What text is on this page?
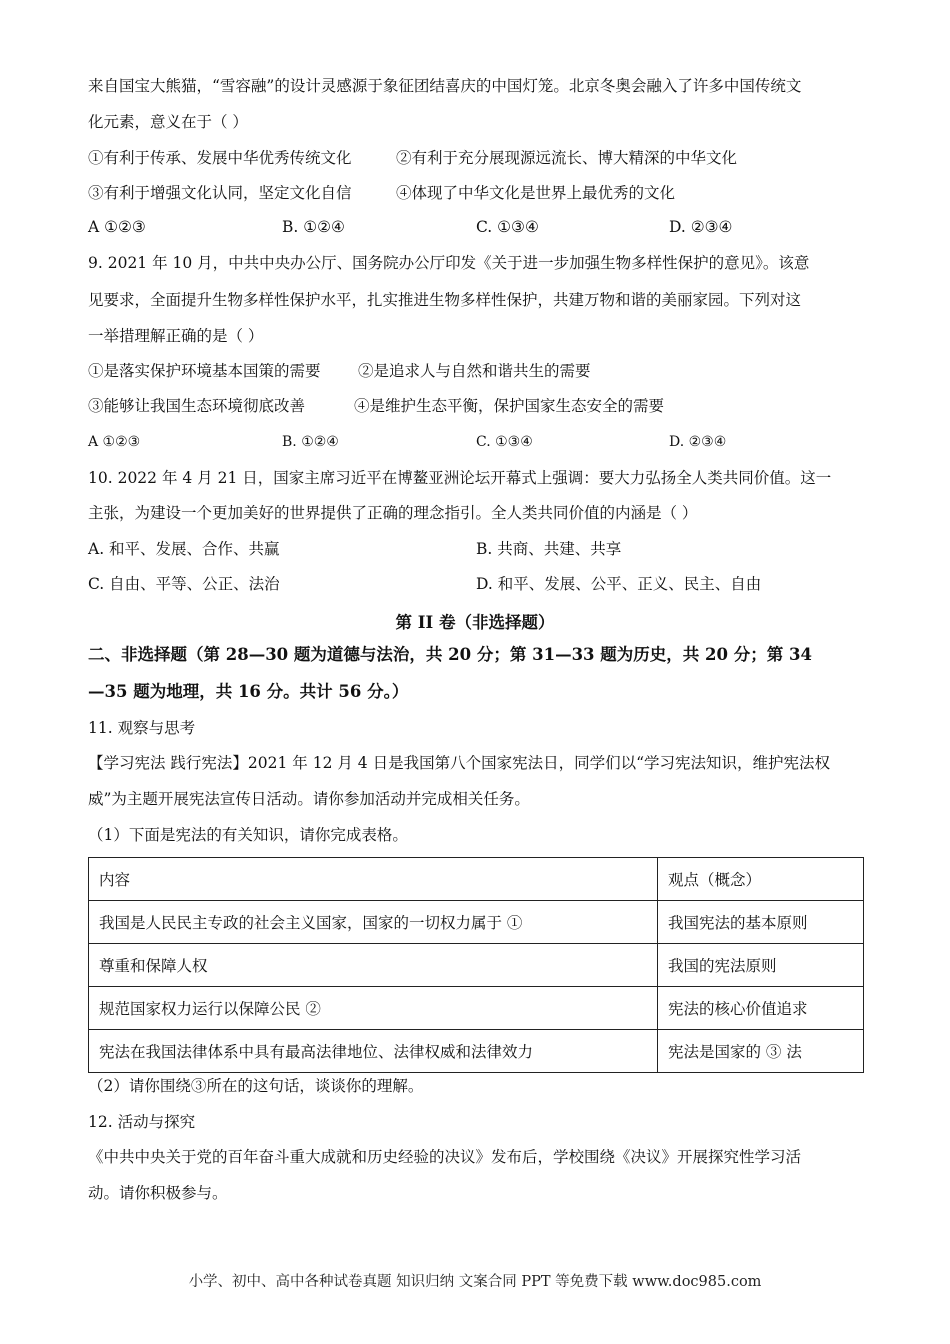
来自国宝大熊猫，“雪容融”的设计灵感源于象征团结喜庆的中国灯笼。北京冬奥会融入了许多中国传统文
化元素，意义在于（ ）
①有利于传承、发展中华优秀传统文化	②有利于充分展现源远流长、博大精深的中华文化
③有利于增强文化认同，坚定文化自信	④体现了中华文化是世界上最优秀的文化
A ①②③	B. ①②④	C. ①③④	D. ②③④
9. 2021 年 10 月，中共中央办公厅、国务院办公厅印发《关于进一步加强生物多样性保护的意见》。该意
见要求，全面提升生物多样性保护水平，扎实推进生物多样性保护，共建万物和谐的美丽家园。下列对这
一举措理解正确的是（ ）
①是落实保护环境基本国策的需要 ②是追求人与自然和谐共生的需要
③能够让我国生态环境彻底改善	④是维护生态平衡，保护国家生态安全的需要
A ①②③	B. ①②④	C. ①③④	D. ②③④
10. 2022 年 4 月 21 日，国家主席习近平在博鳌亚洲论坛开幕式上强调：要大力弘扬全人类共同价值。这一
主张，为建设一个更加美好的世界提供了正确的理念指引。全人类共同价值的内涵是（ ）
A. 和平、发展、合作、共赢	B. 共商、共建、共享
C. 自由、平等、公正、法治	D. 和平、发展、公平、正义、民主、自由
第 II 卷（非选择题）
二、非选择题（第 28—30 题为道德与法治，共 20 分；第 31—33 题为历史，共 20 分；第 34
—35 题为地理，共 16 分。共计 56 分。）
11. 观察与思考
【学习宪法 践行宪法】2021 年 12 月 4 日是我国第八个国家宪法日，同学们以“学习宪法知识，维护宪法权
威”为主题开展宪法宣传日活动。请你参加活动并完成相关任务。
（1）下面是宪法的有关知识，请你完成表格。
内容	观点（概念）
我国是人民民主专政的社会主义国家，国家的一切权力属于 ①	我国宪法的基本原则
尊重和保障人权	我国的宪法原则
规范国家权力运行以保障公民 ②	宪法的核心价值追求
宪法在我国法律体系中具有最高法律地位、法律权威和法律效力	宪法是国家的 ③ 法
（2）请你围绕③所在的这句话，谈谈你的理解。
12. 活动与探究
《中共中央关于党的百年奋斗重大成就和历史经验的决议》发布后，学校围绕《决议》开展探究性学习活
动。请你积极参与。
小学、初中、高中各种试卷真题 知识归纳 文案合同 PPT 等免费下载 www.doc985.com
